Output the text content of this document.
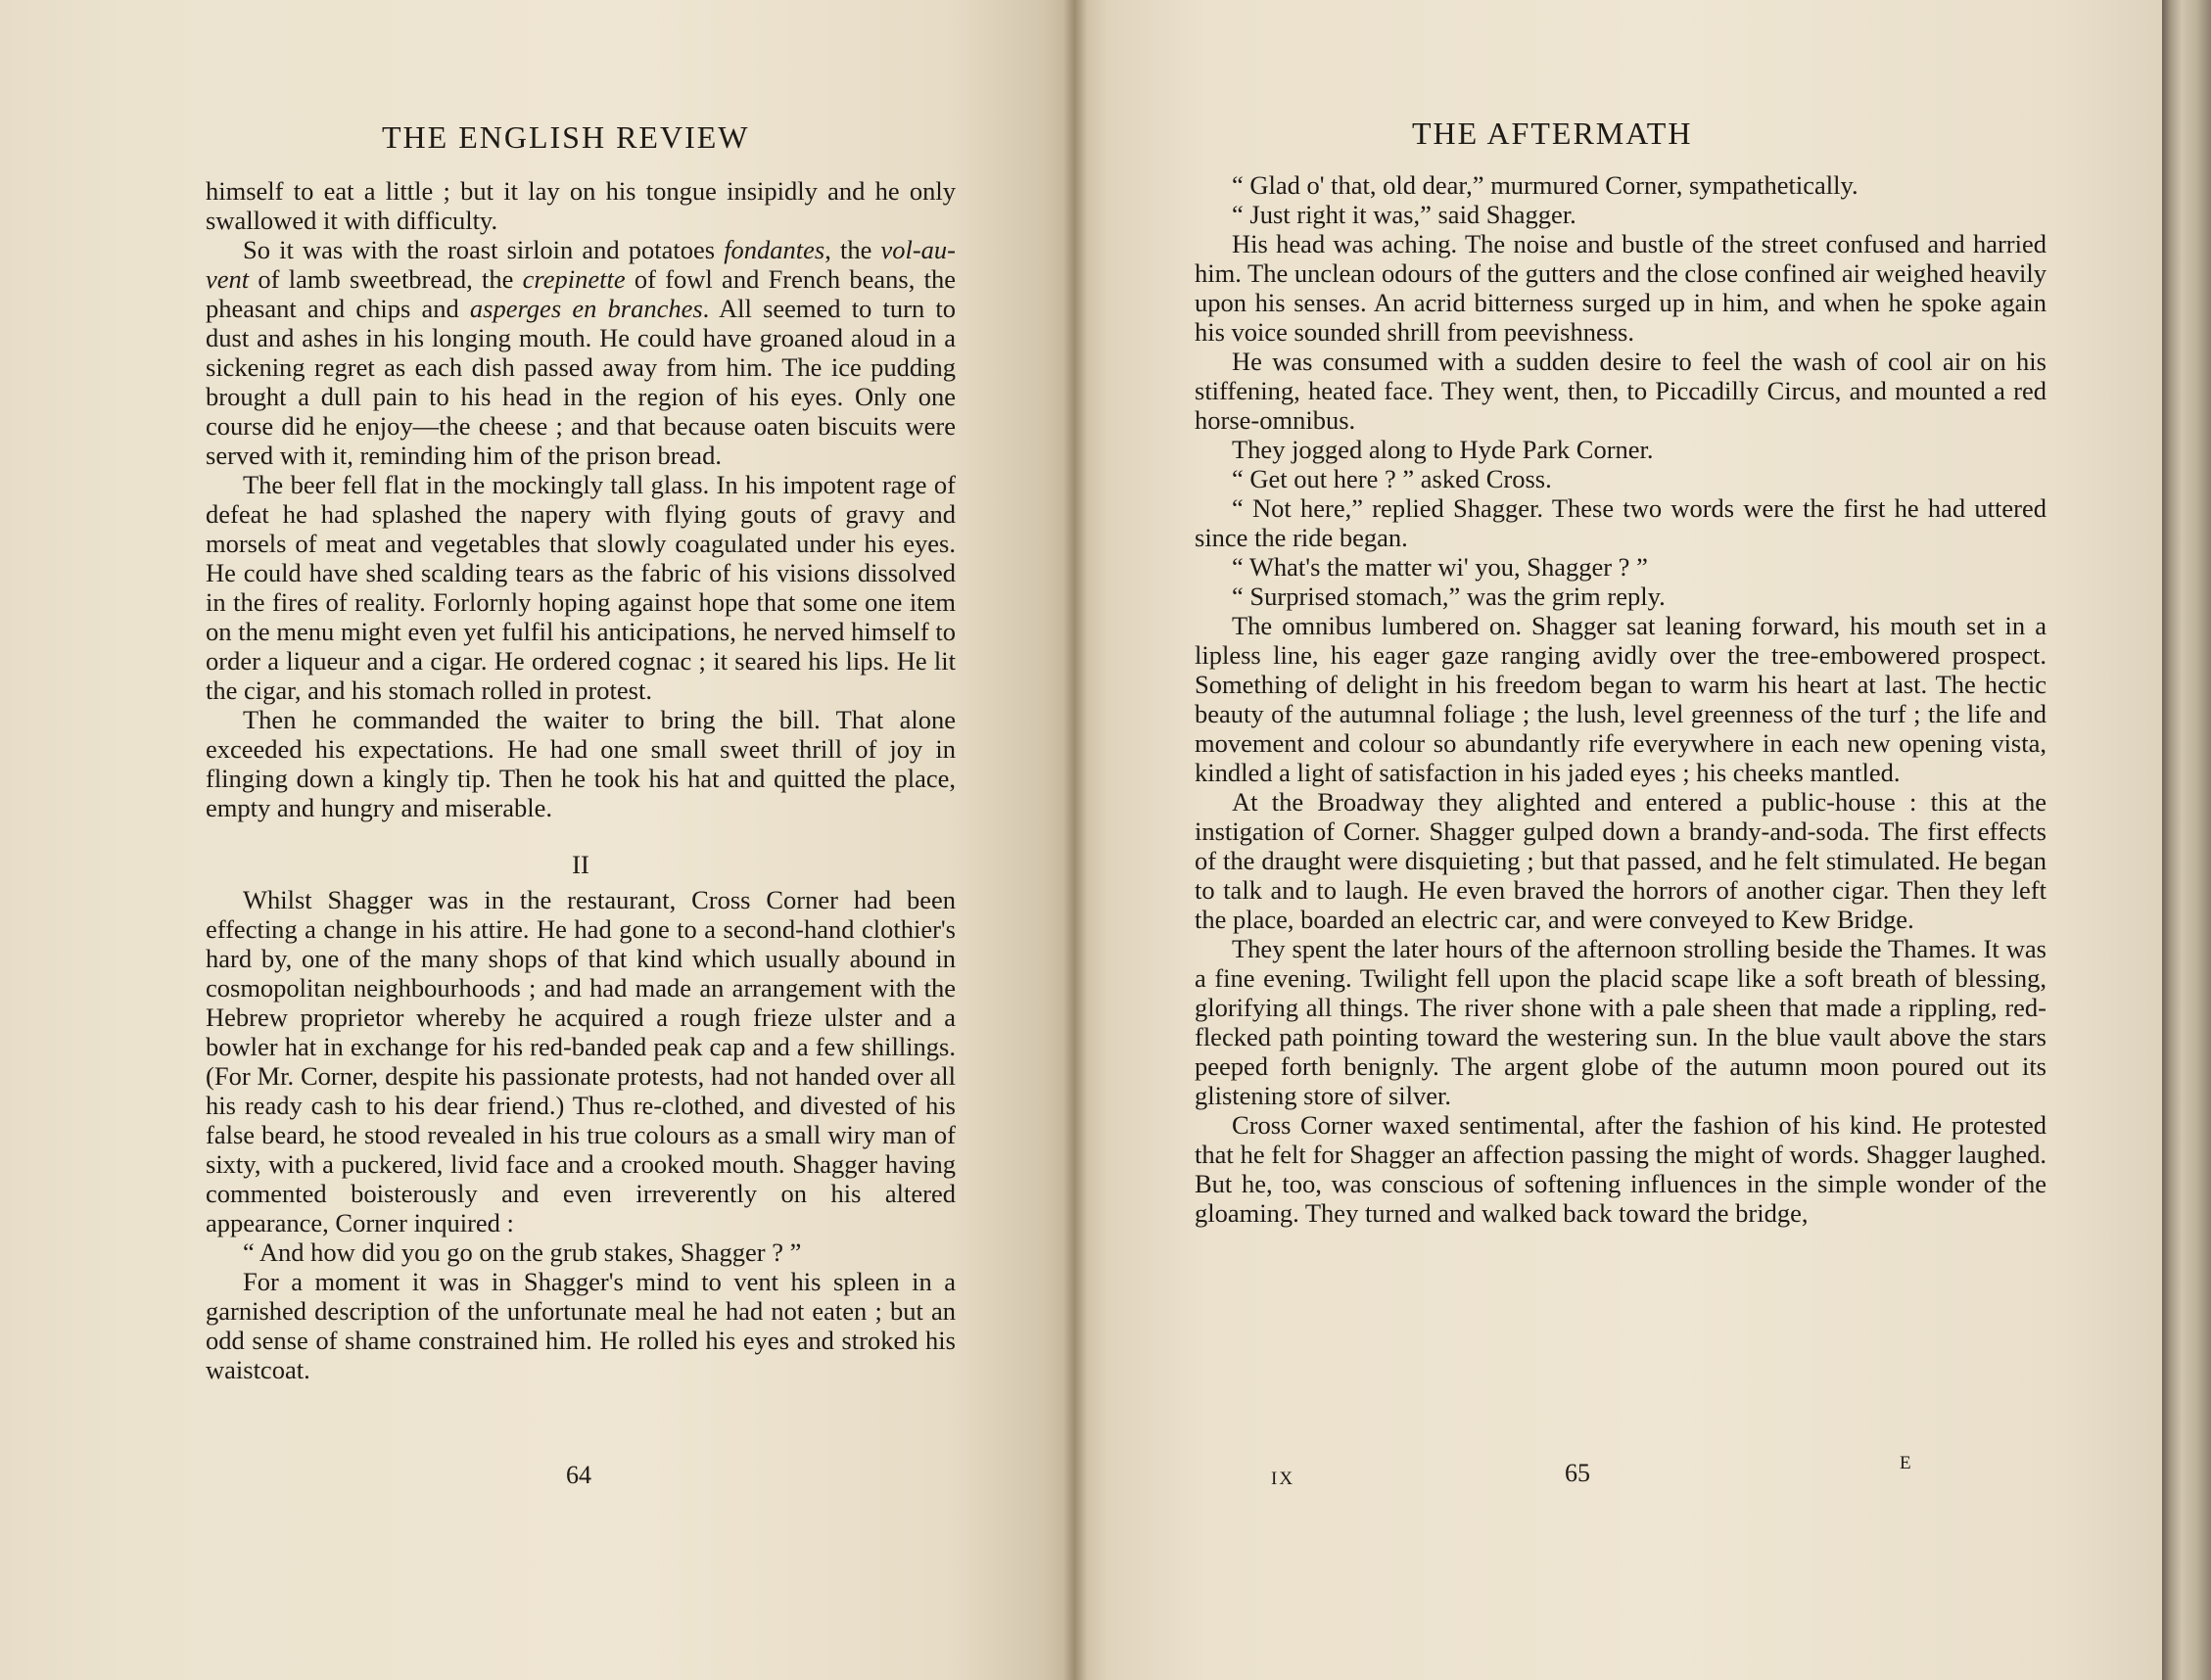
THE ENGLISH REVIEW

himself to eat a little ; but it lay on his tongue insipidly and he only swallowed it with difficulty.

So it was with the roast sirloin and potatoes fondantes, the vol-au-vent of lamb sweetbread, the crepinette of fowl and French beans, the pheasant and chips and asperges en branches. All seemed to turn to dust and ashes in his longing mouth. He could have groaned aloud in a sickening regret as each dish passed away from him. The ice pudding brought a dull pain to his head in the region of his eyes. Only one course did he enjoy—the cheese ; and that because oaten biscuits were served with it, reminding him of the prison bread.

The beer fell flat in the mockingly tall glass. In his impotent rage of defeat he had splashed the napery with flying gouts of gravy and morsels of meat and vegetables that slowly coagulated under his eyes. He could have shed scalding tears as the fabric of his visions dissolved in the fires of reality. Forlornly hoping against hope that some one item on the menu might even yet fulfil his anticipations, he nerved himself to order a liqueur and a cigar. He ordered cognac ; it seared his lips. He lit the cigar, and his stomach rolled in protest.

Then he commanded the waiter to bring the bill. That alone exceeded his expectations. He had one small sweet thrill of joy in flinging down a kingly tip. Then he took his hat and quitted the place, empty and hungry and miserable.

II

Whilst Shagger was in the restaurant, Cross Corner had been effecting a change in his attire. He had gone to a second-hand clothier's hard by, one of the many shops of that kind which usually abound in cosmopolitan neighbourhoods ; and had made an arrangement with the Hebrew proprietor whereby he acquired a rough frieze ulster and a bowler hat in exchange for his red-banded peak cap and a few shillings. (For Mr. Corner, despite his passionate protests, had not handed over all his ready cash to his dear friend.) Thus re-clothed, and divested of his false beard, he stood revealed in his true colours as a small wiry man of sixty, with a puckered, livid face and a crooked mouth. Shagger having commented boisterously and even irreverently on his altered appearance, Corner inquired :

“ And how did you go on the grub stakes, Shagger ? ”

For a moment it was in Shagger's mind to vent his spleen in a garnished description of the unfortunate meal he had not eaten ; but an odd sense of shame constrained him. He rolled his eyes and stroked his waistcoat.

64
THE AFTERMATH

“ Glad o' that, old dear,” murmured Corner, sympathetically.

“ Just right it was,” said Shagger.

His head was aching. The noise and bustle of the street confused and harried him. The unclean odours of the gutters and the close confined air weighed heavily upon his senses. An acrid bitterness surged up in him, and when he spoke again his voice sounded shrill from peevishness.

He was consumed with a sudden desire to feel the wash of cool air on his stiffening, heated face. They went, then, to Piccadilly Circus, and mounted a red horse-omnibus.

They jogged along to Hyde Park Corner.

“ Get out here ? ” asked Cross.

“ Not here,” replied Shagger. These two words were the first he had uttered since the ride began.

“ What's the matter wi' you, Shagger ? ”

“ Surprised stomach,” was the grim reply.

The omnibus lumbered on. Shagger sat leaning forward, his mouth set in a lipless line, his eager gaze ranging avidly over the tree-embowered prospect. Something of delight in his freedom began to warm his heart at last. The hectic beauty of the autumnal foliage ; the lush, level greenness of the turf ; the life and movement and colour so abundantly rife everywhere in each new opening vista, kindled a light of satisfaction in his jaded eyes ; his cheeks mantled.

At the Broadway they alighted and entered a public-house : this at the instigation of Corner. Shagger gulped down a brandy-and-soda. The first effects of the draught were disquieting ; but that passed, and he felt stimulated. He began to talk and to laugh. He even braved the horrors of another cigar. Then they left the place, boarded an electric car, and were conveyed to Kew Bridge.

They spent the later hours of the afternoon strolling beside the Thames. It was a fine evening. Twilight fell upon the placid scape like a soft breath of blessing, glorifying all things. The river shone with a pale sheen that made a rippling, red-flecked path pointing toward the westering sun. In the blue vault above the stars peeped forth benignly. The argent globe of the autumn moon poured out its glistening store of silver.

Cross Corner waxed sentimental, after the fashion of his kind. He protested that he felt for Shagger an affection passing the might of words. Shagger laughed. But he, too, was conscious of softening influences in the simple wonder of the gloaming. They turned and walked back toward the bridge,

IX	65	E
